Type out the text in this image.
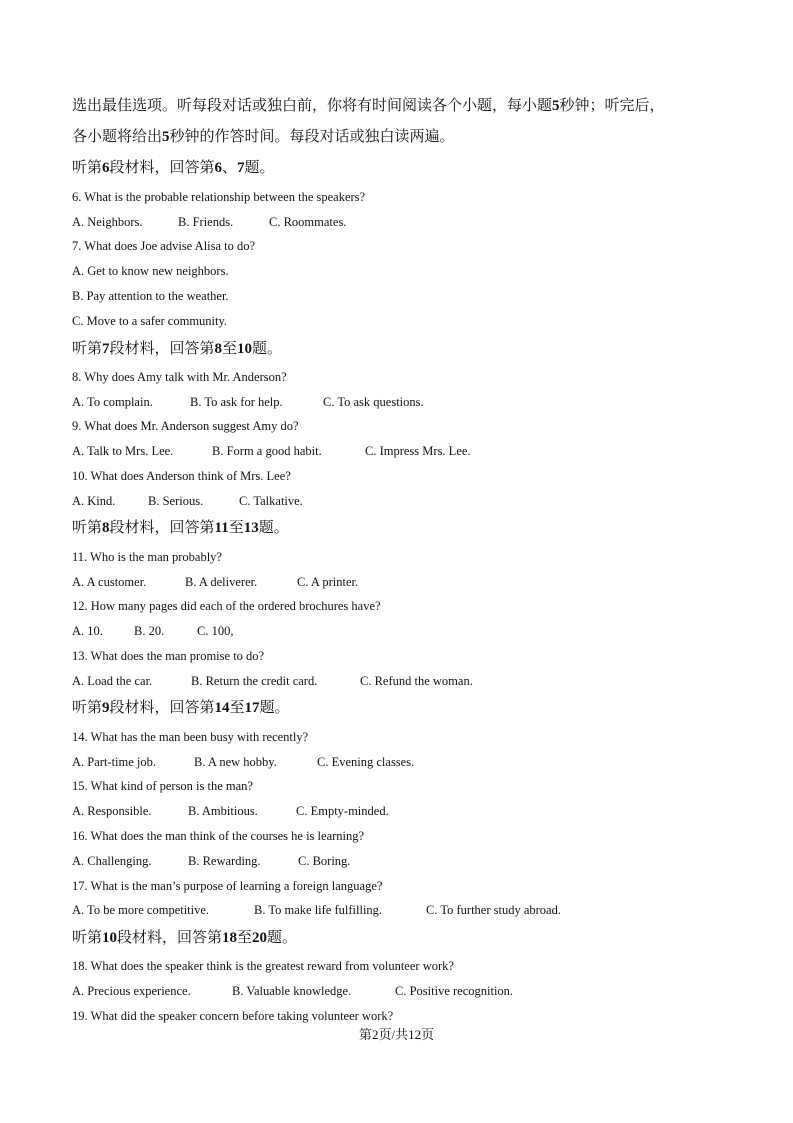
选出最佳选项。听每段对话或独白前，你将有时间阅读各个小题，每小题5秒钟；听完后，
各小题将给出5秒钟的作答时间。每段对话或独白读两遍。
听第6段材料，回答第6、7题。
6. What is the probable relationship between the speakers?
A. Neighbors.	B. Friends.	C. Roommates.
7. What does Joe advise Alisa to do?
A. Get to know new neighbors.
B. Pay attention to the weather.
C. Move to a safer community.
听第7段材料，回答第8至10题。
8. Why does Amy talk with Mr. Anderson?
A. To complain.	B. To ask for help.	C. To ask questions.
9. What does Mr. Anderson suggest Amy do?
A. Talk to Mrs. Lee.	B. Form a good habit.	C. Impress Mrs. Lee.
10. What does Anderson think of Mrs. Lee?
A. Kind.	B. Serious.	C. Talkative.
听第8段材料，回答第11至13题。
11. Who is the man probably?
A. A customer.	B. A deliverer.	C. A printer.
12. How many pages did each of the ordered brochures have?
A. 10. B. 20.	C. 100,
13. What does the man promise to do?
A. Load the car.	B. Return the credit card.	C. Refund the woman.
听第9段材料，回答第14至17题。
14. What has the man been busy with recently?
A. Part-time job.	B. A new hobby.	C. Evening classes.
15. What kind of person is the man?
A. Responsible.	B. Ambitious.	C. Empty-minded.
16. What does the man think of the courses he is learning?
A. Challenging.	B. Rewarding.	C. Boring.
17. What is the man’s purpose of learning a foreign language?
A. To be more competitive.	B. To make life fulfilling.	C. To further study abroad.
听第10段材料，回答第18至20题。
18. What does the speaker think is the greatest reward from volunteer work?
A. Precious experience.	B. Valuable knowledge.	C. Positive recognition.
19. What did the speaker concern before taking volunteer work?
第2页/共12页
